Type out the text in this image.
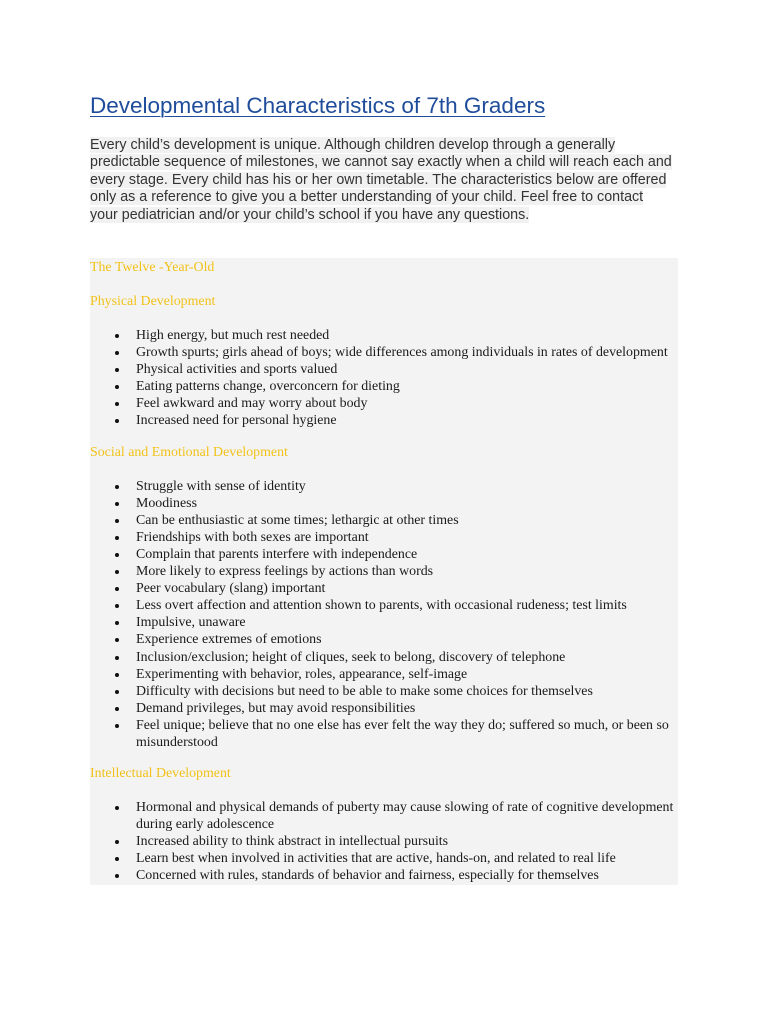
Developmental Characteristics of 7th Graders
Every child’s development is unique. Although children develop through a generally
predictable sequence of milestones, we cannot say exactly when a child will reach each and
every stage. Every child has his or her own timetable. The characteristics below are offered
only as a reference to give you a better understanding of your child. Feel free to contact
your pediatrician and/or your child’s school if you have any questions.

The Twelve -Year-Old

Physical Development

High energy, but much rest needed
Growth spurts; girls ahead of boys; wide differences among individuals in rates of development
Physical activities and sports valued
Eating patterns change, overconcern for dieting
Feel awkward and may worry about body
Increased need for personal hygiene

Social and Emotional Development

Struggle with sense of identity
Moodiness
Can be enthusiastic at some times; lethargic at other times
Friendships with both sexes are important
Complain that parents interfere with independence
More likely to express feelings by actions than words
Peer vocabulary (slang) important
Less overt affection and attention shown to parents, with occasional rudeness; test limits
Impulsive, unaware
Experience extremes of emotions
Inclusion/exclusion; height of cliques, seek to belong, discovery of telephone
Experimenting with behavior, roles, appearance, self-image
Difficulty with decisions but need to be able to make some choices for themselves
Demand privileges, but may avoid responsibilities
Feel unique; believe that no one else has ever felt the way they do; suffered so much, or been so misunderstood

Intellectual Development

Hormonal and physical demands of puberty may cause slowing of rate of cognitive development during early adolescence
Increased ability to think abstract in intellectual pursuits
Learn best when involved in activities that are active, hands-on, and related to real life
Concerned with rules, standards of behavior and fairness, especially for themselves
